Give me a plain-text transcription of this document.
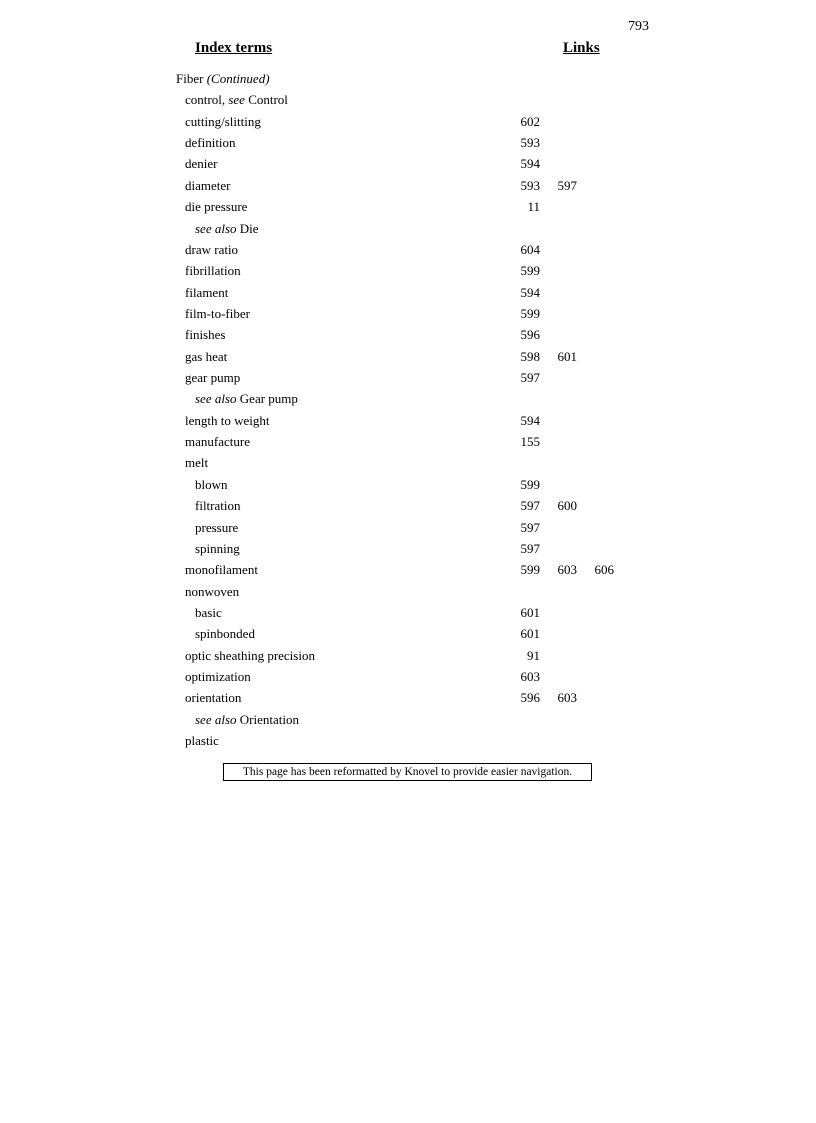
793
Index terms	Links
Fiber (Continued)
control, see Control
cutting/slitting	602
definition	593
denier	594
diameter	593	597
die pressure	11
see also Die
draw ratio	604
fibrillation	599
filament	594
film-to-fiber	599
finishes	596
gas heat	598	601
gear pump	597
see also Gear pump
length to weight	594
manufacture	155
melt
blown	599
filtration	597	600
pressure	597
spinning	597
monofilament	599	603	606
nonwoven
basic	601
spinbonded	601
optic sheathing precision	91
optimization	603
orientation	596	603
see also Orientation
plastic
This page has been reformatted by Knovel to provide easier navigation.
